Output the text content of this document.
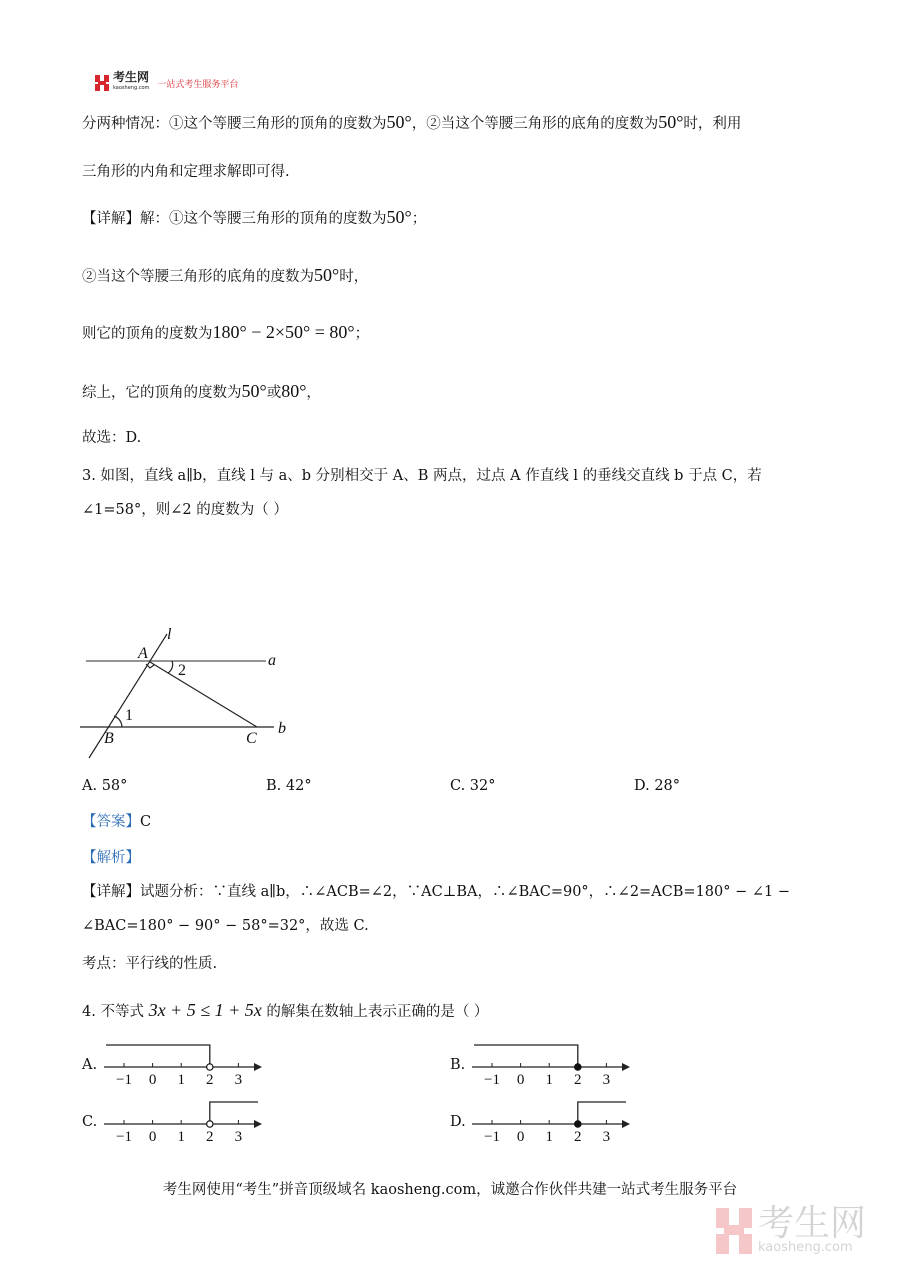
考生网
kaosheng.com 一站式考生服务平台
分两种情况：①这个等腰三角形的顶角的度数为50°，②当这个等腰三角形的底角的度数为50°时，利用
三角形的内角和定理求解即可得.
【详解】解：①这个等腰三角形的顶角的度数为50°；
②当这个等腰三角形的底角的度数为50°时，
则它的顶角的度数为180° − 2×50° = 80°；
综上，它的顶角的度数为50°或80°，
故选：D.
3. 如图，直线 a∥b，直线 l 与 a、b 分别相交于 A、B 两点，过点 A 作直线 l 的垂线交直线 b 于点 C，若
∠1=58°，则∠2 的度数为（ ）
A
l
a
B	C
b
2
1
A. 58°	B. 42°	C. 32°	D. 28°
【答案】C
【解析】
【详解】试题分析：∵直线 a∥b，∴∠ACB=∠2，∵AC⊥BA，∴∠BAC=90°，∴∠2=ACB=180° − ∠1 −
∠BAC=180° − 90° − 58°=32°，故选 C.
考点：平行线的性质.
4. 不等式 3x + 5 ≤ 1 + 5x 的解集在数轴上表示正确的是（ ）
A.
−1 0 1 2 3
B.
−1 0 1 2 3
C.
−1 0 1 2 3
D.
−1 0 1 2 3
考生网使用“考生”拼音顶级域名 kaosheng.com，诚邀合作伙伴共建一站式考生服务平台
考生网
kaosheng.com
